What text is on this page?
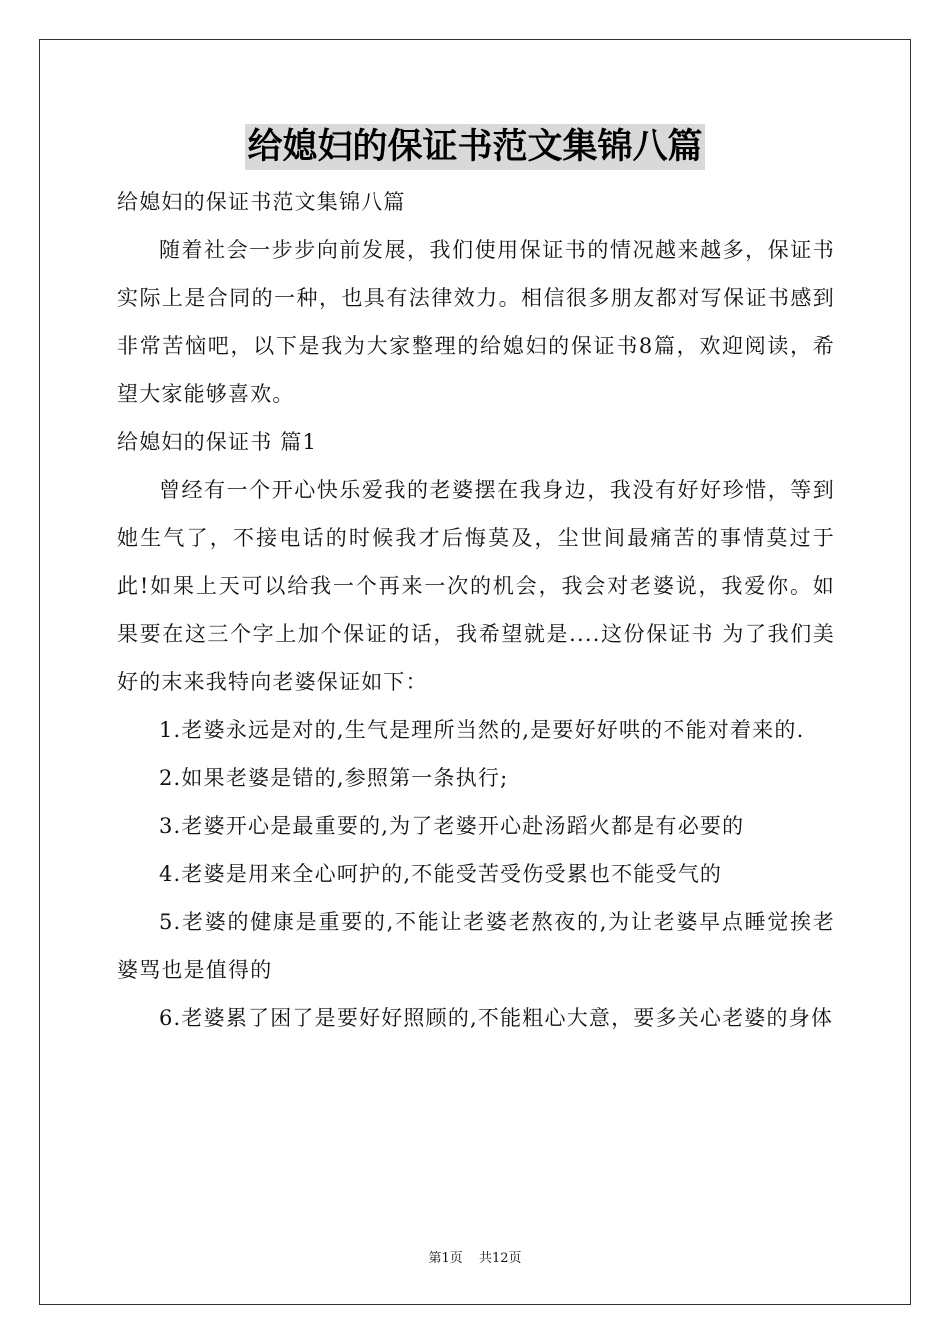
给媳妇的保证书范文集锦八篇

给媳妇的保证书范文集锦八篇

随着社会一步步向前发展，我们使用保证书的情况越来越多，保证书实际上是合同的一种，也具有法律效力。相信很多朋友都对写保证书感到非常苦恼吧，以下是我为大家整理的给媳妇的保证书8篇，欢迎阅读，希望大家能够喜欢。

给媳妇的保证书 篇1

曾经有一个开心快乐爱我的老婆摆在我身边，我没有好好珍惜，等到她生气了，不接电话的时候我才后悔莫及，尘世间最痛苦的事情莫过于此!如果上天可以给我一个再来一次的机会，我会对老婆说，我爱你。如果要在这三个字上加个保证的话，我希望就是....这份保证书 为了我们美好的末来我特向老婆保证如下：

1.老婆永远是对的,生气是理所当然的,是要好好哄的不能对着来的.

2.如果老婆是错的,参照第一条执行;

3.老婆开心是最重要的,为了老婆开心赴汤蹈火都是有必要的

4.老婆是用来全心呵护的,不能受苦受伤受累也不能受气的

5.老婆的健康是重要的,不能让老婆老熬夜的,为让老婆早点睡觉挨老婆骂也是值得的

6.老婆累了困了是要好好照顾的,不能粗心大意，要多关心老婆的身体

第1页 共12页
